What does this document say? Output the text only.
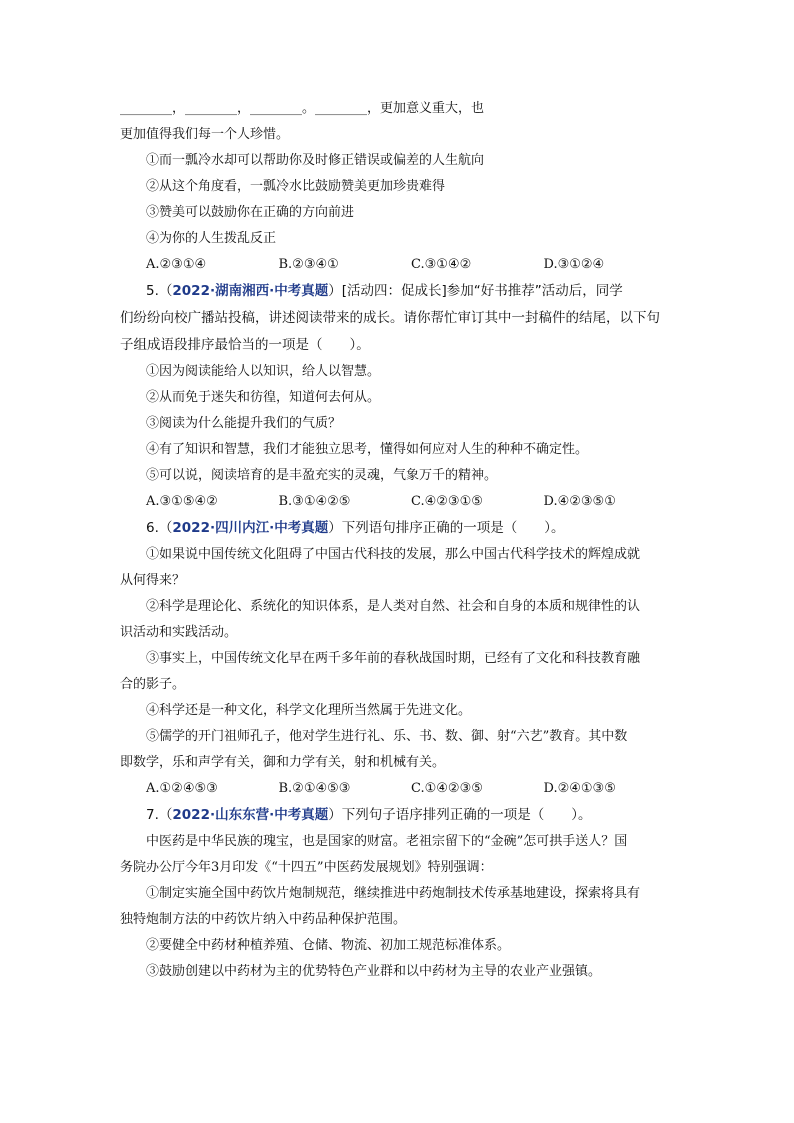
________，________，________。________，更加意义重大，也

更加值得我们每一个人珍惜。

①而一瓢冷水却可以帮助你及时修正错误或偏差的人生航向

②从这个角度看，一瓢冷水比鼓励赞美更加珍贵难得

③赞美可以鼓励你在正确的方向前进

④为你的人生拨乱反正

A.②③①④	B.②③④①	C.③①④②	D.③①②④

5.（2022·湖南湘西·中考真题）[活动四：促成长]参加“好书推荐”活动后，同学

们纷纷向校广播站投稿，讲述阅读带来的成长。请你帮忙审订其中一封稿件的结尾，以下句

子组成语段排序最恰当的一项是（　　）。

①因为阅读能给人以知识，给人以智慧。

②从而免于迷失和彷徨，知道何去何从。

③阅读为什么能提升我们的气质？

④有了知识和智慧，我们才能独立思考，懂得如何应对人生的种种不确定性。

⑤可以说，阅读培育的是丰盈充实的灵魂，气象万千的精神。

A.③①⑤④②	B.③①④②⑤	C.④②③①⑤	D.④②③⑤①

6.（2022·四川内江·中考真题）下列语句排序正确的一项是（　　）。

①如果说中国传统文化阻碍了中国古代科技的发展，那么中国古代科学技术的辉煌成就

从何得来？

②科学是理论化、系统化的知识体系，是人类对自然、社会和自身的本质和规律性的认

识活动和实践活动。

③事实上，中国传统文化早在两千多年前的春秋战国时期，已经有了文化和科技教育融

合的影子。

④科学还是一种文化，科学文化理所当然属于先进文化。

⑤儒学的开门祖师孔子，他对学生进行礼、乐、书、数、御、射“六艺”教育。其中数

即数学，乐和声学有关，御和力学有关，射和机械有关。

A.①②④⑤③	B.②①④⑤③	C.①④②③⑤	D.②④①③⑤

7.（2022·山东东营·中考真题）下列句子语序排列正确的一项是（　　）。

中医药是中华民族的瑰宝，也是国家的财富。老祖宗留下的“金碗”怎可拱手送人？国

务院办公厅今年3月印发《“十四五”中医药发展规划》特别强调：

①制定实施全国中药饮片炮制规范，继续推进中药炮制技术传承基地建设，探索将具有

独特炮制方法的中药饮片纳入中药品种保护范围。

②要健全中药材种植养殖、仓储、物流、初加工规范标准体系。

③鼓励创建以中药材为主的优势特色产业群和以中药材为主导的农业产业强镇。
